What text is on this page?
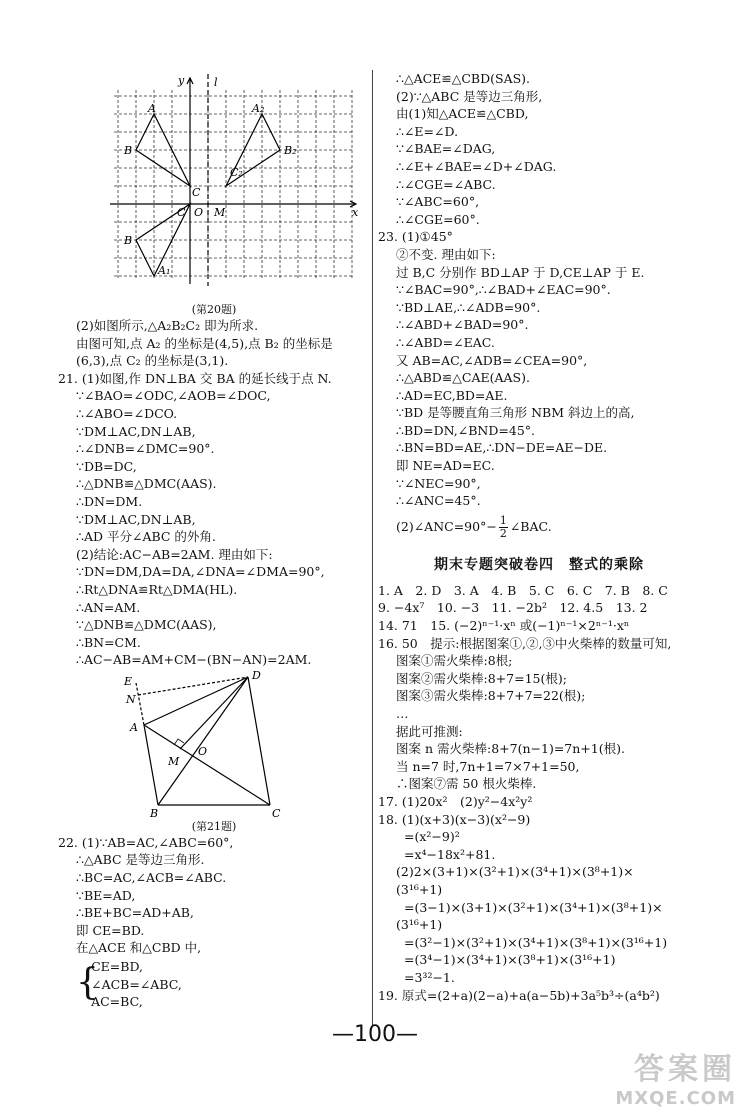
y	l
x
O M
A
B
C
C
B
A₁
A₂
B₂
C₂
(第20题)
(2)如图所示,△A₂B₂C₂ 即为所求.
由图可知,点 A₂ 的坐标是(4,5),点 B₂ 的坐标是
(6,3),点 C₂ 的坐标是(3,1).
21. (1)如图,作 DN⊥BA 交 BA 的延长线于点 N.
∵∠BAO=∠ODC,∠AOB=∠DOC,
∴∠ABO=∠DCO.
∵DM⊥AC,DN⊥AB,
∴∠DNB=∠DMC=90°.
∵DB=DC,
∴△DNB≌△DMC(AAS).
∴DN=DM.
∵DM⊥AC,DN⊥AB,
∴AD 平分∠ABC 的外角.
(2)结论:AC−AB=2AM. 理由如下:
∵DN=DM,DA=DA,∠DNA=∠DMA=90°,
∴Rt△DNA≌Rt△DMA(HL).
∴AN=AM.
∵△DNB≌△DMC(AAS),
∴BN=CM.
∴AC−AB=AM+CM−(BN−AN)=2AM.
E	D
N
A
O
M
B	C
(第21题)
22. (1)∵AB=AC,∠ABC=60°,
∴△ABC 是等边三角形.
∴BC=AC,∠ACB=∠ABC.
∵BE=AD,
∴BE+BC=AD+AB,
即 CE=BD.
在△ACE 和△CBD 中,
{
CE=BD,
∠ACB=∠ABC,
AC=BC,
∴△ACE≌△CBD(SAS).
(2)∵△ABC 是等边三角形,
由(1)知△ACE≌△CBD,
∴∠E=∠D.
∵∠BAE=∠DAG,
∴∠E+∠BAE=∠D+∠DAG.
∴∠CGE=∠ABC.
∵∠ABC=60°,
∴∠CGE=60°.
23. (1)①45°
②不变. 理由如下:
过 B,C 分别作 BD⊥AP 于 D,CE⊥AP 于 E.
∵∠BAC=90°,∴∠BAD+∠EAC=90°.
∵BD⊥AE,∴∠ADB=90°.
∴∠ABD+∠BAD=90°.
∴∠ABD=∠EAC.
又 AB=AC,∠ADB=∠CEA=90°,
∴△ABD≌△CAE(AAS).
∴AD=EC,BD=AE.
∵BD 是等腰直角三角形 NBM 斜边上的高,
∴BD=DN,∠BND=45°.
∴BN=BD=AE,∴DN−DE=AE−DE.
即 NE=AD=EC.
∵∠NEC=90°,
∴∠ANC=45°.
(2)∠ANC=90°− $\frac{1}{2}$ ∠BAC.
期末专题突破卷四　整式的乘除
1. A　2. D　3. A　4. B　5. C　6. C　7. B　8. C
9. −4x⁷　10. −3　11. −2b²　12. 4.5　13. 2
14. 71　15. (−2)ⁿ⁻¹·xⁿ 或(−1)ⁿ⁻¹×2ⁿ⁻¹·xⁿ
16. 50　提示:根据图案①,②,③中火柴棒的数量可知,
图案①需火柴棒:8根;
图案②需火柴棒:8+7=15(根);
图案③需火柴棒:8+7+7=22(根);
…
据此可推测:
图案 n 需火柴棒:8+7(n−1)=7n+1(根).
当 n=7 时,7n+1=7×7+1=50,
∴图案⑦需 50 根火柴棒.
17. (1)20x²　(2)y²−4x²y²
18. (1)(x+3)(x−3)(x²−9)
=(x²−9)²
=x⁴−18x²+81.
(2)2×(3+1)×(3²+1)×(3⁴+1)×(3⁸+1)×
(3¹⁶+1)
=(3−1)×(3+1)×(3²+1)×(3⁴+1)×(3⁸+1)×
(3¹⁶+1)
=(3²−1)×(3²+1)×(3⁴+1)×(3⁸+1)×(3¹⁶+1)
=(3⁴−1)×(3⁴+1)×(3⁸+1)×(3¹⁶+1)
=3³²−1.
19. 原式=(2+a)(2−a)+a(a−5b)+3a⁵b³÷(a⁴b²)
—100—
答案圈
MXQE.COM
